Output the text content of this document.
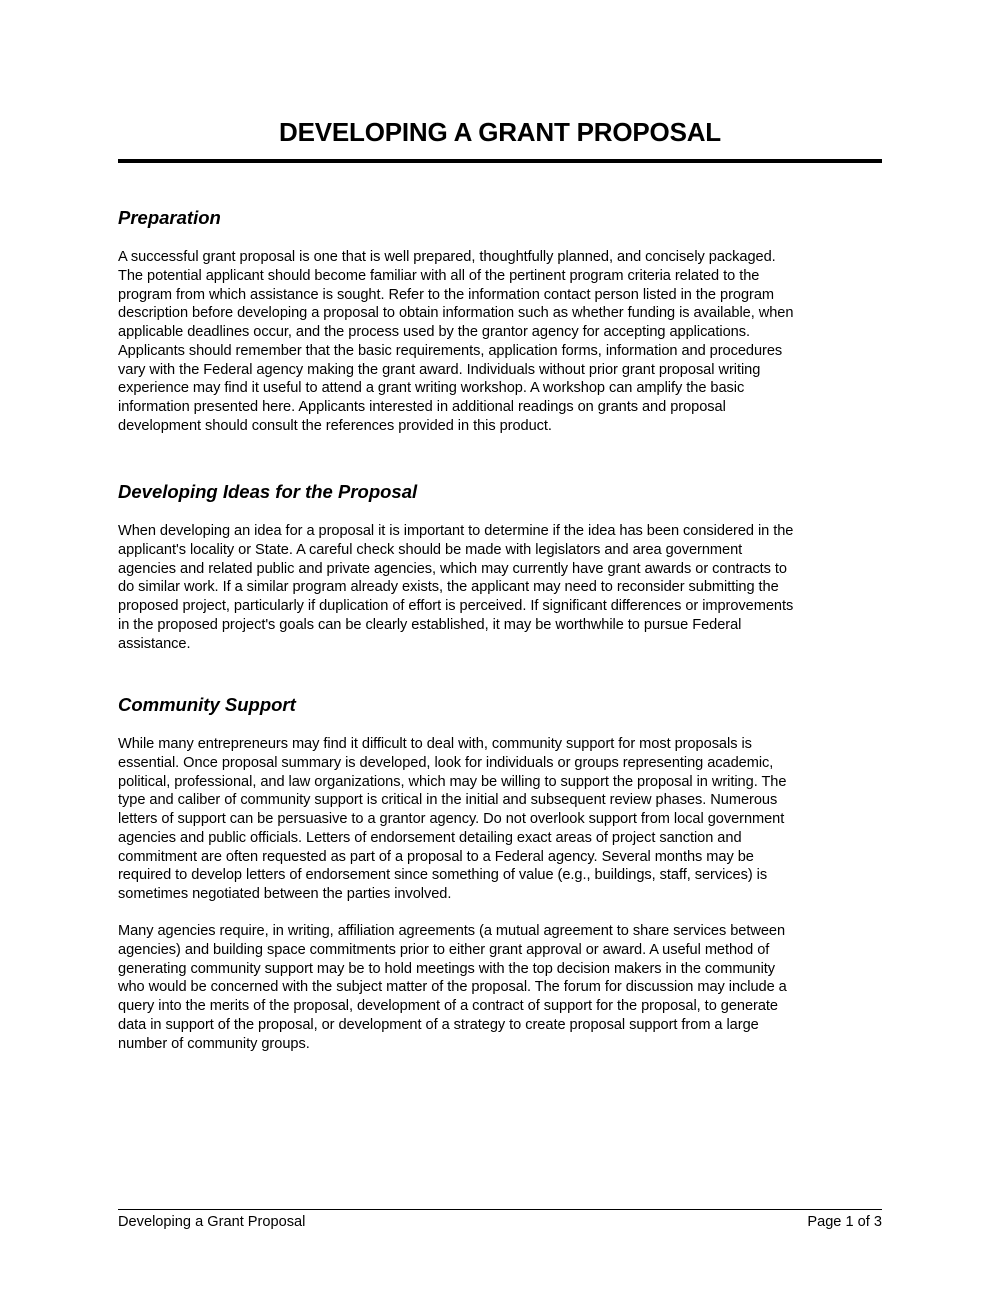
DEVELOPING A GRANT PROPOSAL
Preparation

A successful grant proposal is one that is well prepared, thoughtfully planned, and concisely packaged.
The potential applicant should become familiar with all of the pertinent program criteria related to the
program from which assistance is sought. Refer to the information contact person listed in the program
description before developing a proposal to obtain information such as whether funding is available, when
applicable deadlines occur, and the process used by the grantor agency for accepting applications.
Applicants should remember that the basic requirements, application forms, information and procedures
vary with the Federal agency making the grant award. Individuals without prior grant proposal writing
experience may find it useful to attend a grant writing workshop. A workshop can amplify the basic
information presented here. Applicants interested in additional readings on grants and proposal
development should consult the references provided in this product.

Developing Ideas for the Proposal

When developing an idea for a proposal it is important to determine if the idea has been considered in the
applicant's locality or State. A careful check should be made with legislators and area government
agencies and related public and private agencies, which may currently have grant awards or contracts to
do similar work. If a similar program already exists, the applicant may need to reconsider submitting the
proposed project, particularly if duplication of effort is perceived. If significant differences or improvements
in the proposed project's goals can be clearly established, it may be worthwhile to pursue Federal
assistance.

Community Support

While many entrepreneurs may find it difficult to deal with, community support for most proposals is
essential. Once proposal summary is developed, look for individuals or groups representing academic,
political, professional, and law organizations, which may be willing to support the proposal in writing. The
type and caliber of community support is critical in the initial and subsequent review phases. Numerous
letters of support can be persuasive to a grantor agency. Do not overlook support from local government
agencies and public officials. Letters of endorsement detailing exact areas of project sanction and
commitment are often requested as part of a proposal to a Federal agency. Several months may be
required to develop letters of endorsement since something of value (e.g., buildings, staff, services) is
sometimes negotiated between the parties involved.

Many agencies require, in writing, affiliation agreements (a mutual agreement to share services between
agencies) and building space commitments prior to either grant approval or award. A useful method of
generating community support may be to hold meetings with the top decision makers in the community
who would be concerned with the subject matter of the proposal. The forum for discussion may include a
query into the merits of the proposal, development of a contract of support for the proposal, to generate
data in support of the proposal, or development of a strategy to create proposal support from a large
number of community groups.

Developing a Grant Proposal	Page 1 of 3
